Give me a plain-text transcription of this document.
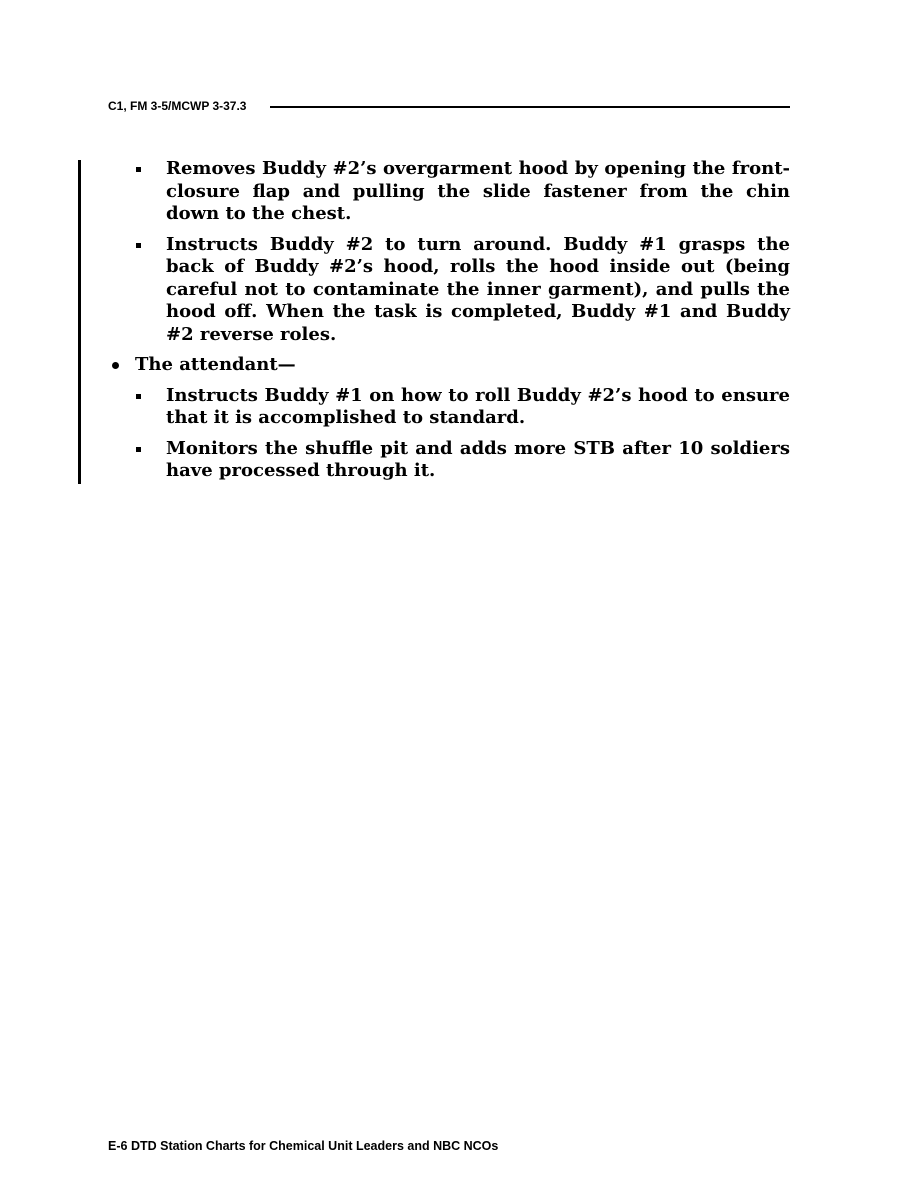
C1, FM 3-5/MCWP 3-37.3
Removes Buddy #2’s overgarment hood by opening the front-closure flap and pulling the slide fastener from the chin down to the chest.
Instructs Buddy #2 to turn around. Buddy #1 grasps the back of Buddy #2’s hood, rolls the hood inside out (being careful not to contaminate the inner garment), and pulls the hood off. When the task is completed, Buddy #1 and Buddy #2 reverse roles.
The attendant—
Instructs Buddy #1 on how to roll Buddy #2’s hood to ensure that it is accomplished to standard.
Monitors the shuffle pit and adds more STB after 10 soldiers have processed through it.
E-6 DTD Station Charts for Chemical Unit Leaders and NBC NCOs
